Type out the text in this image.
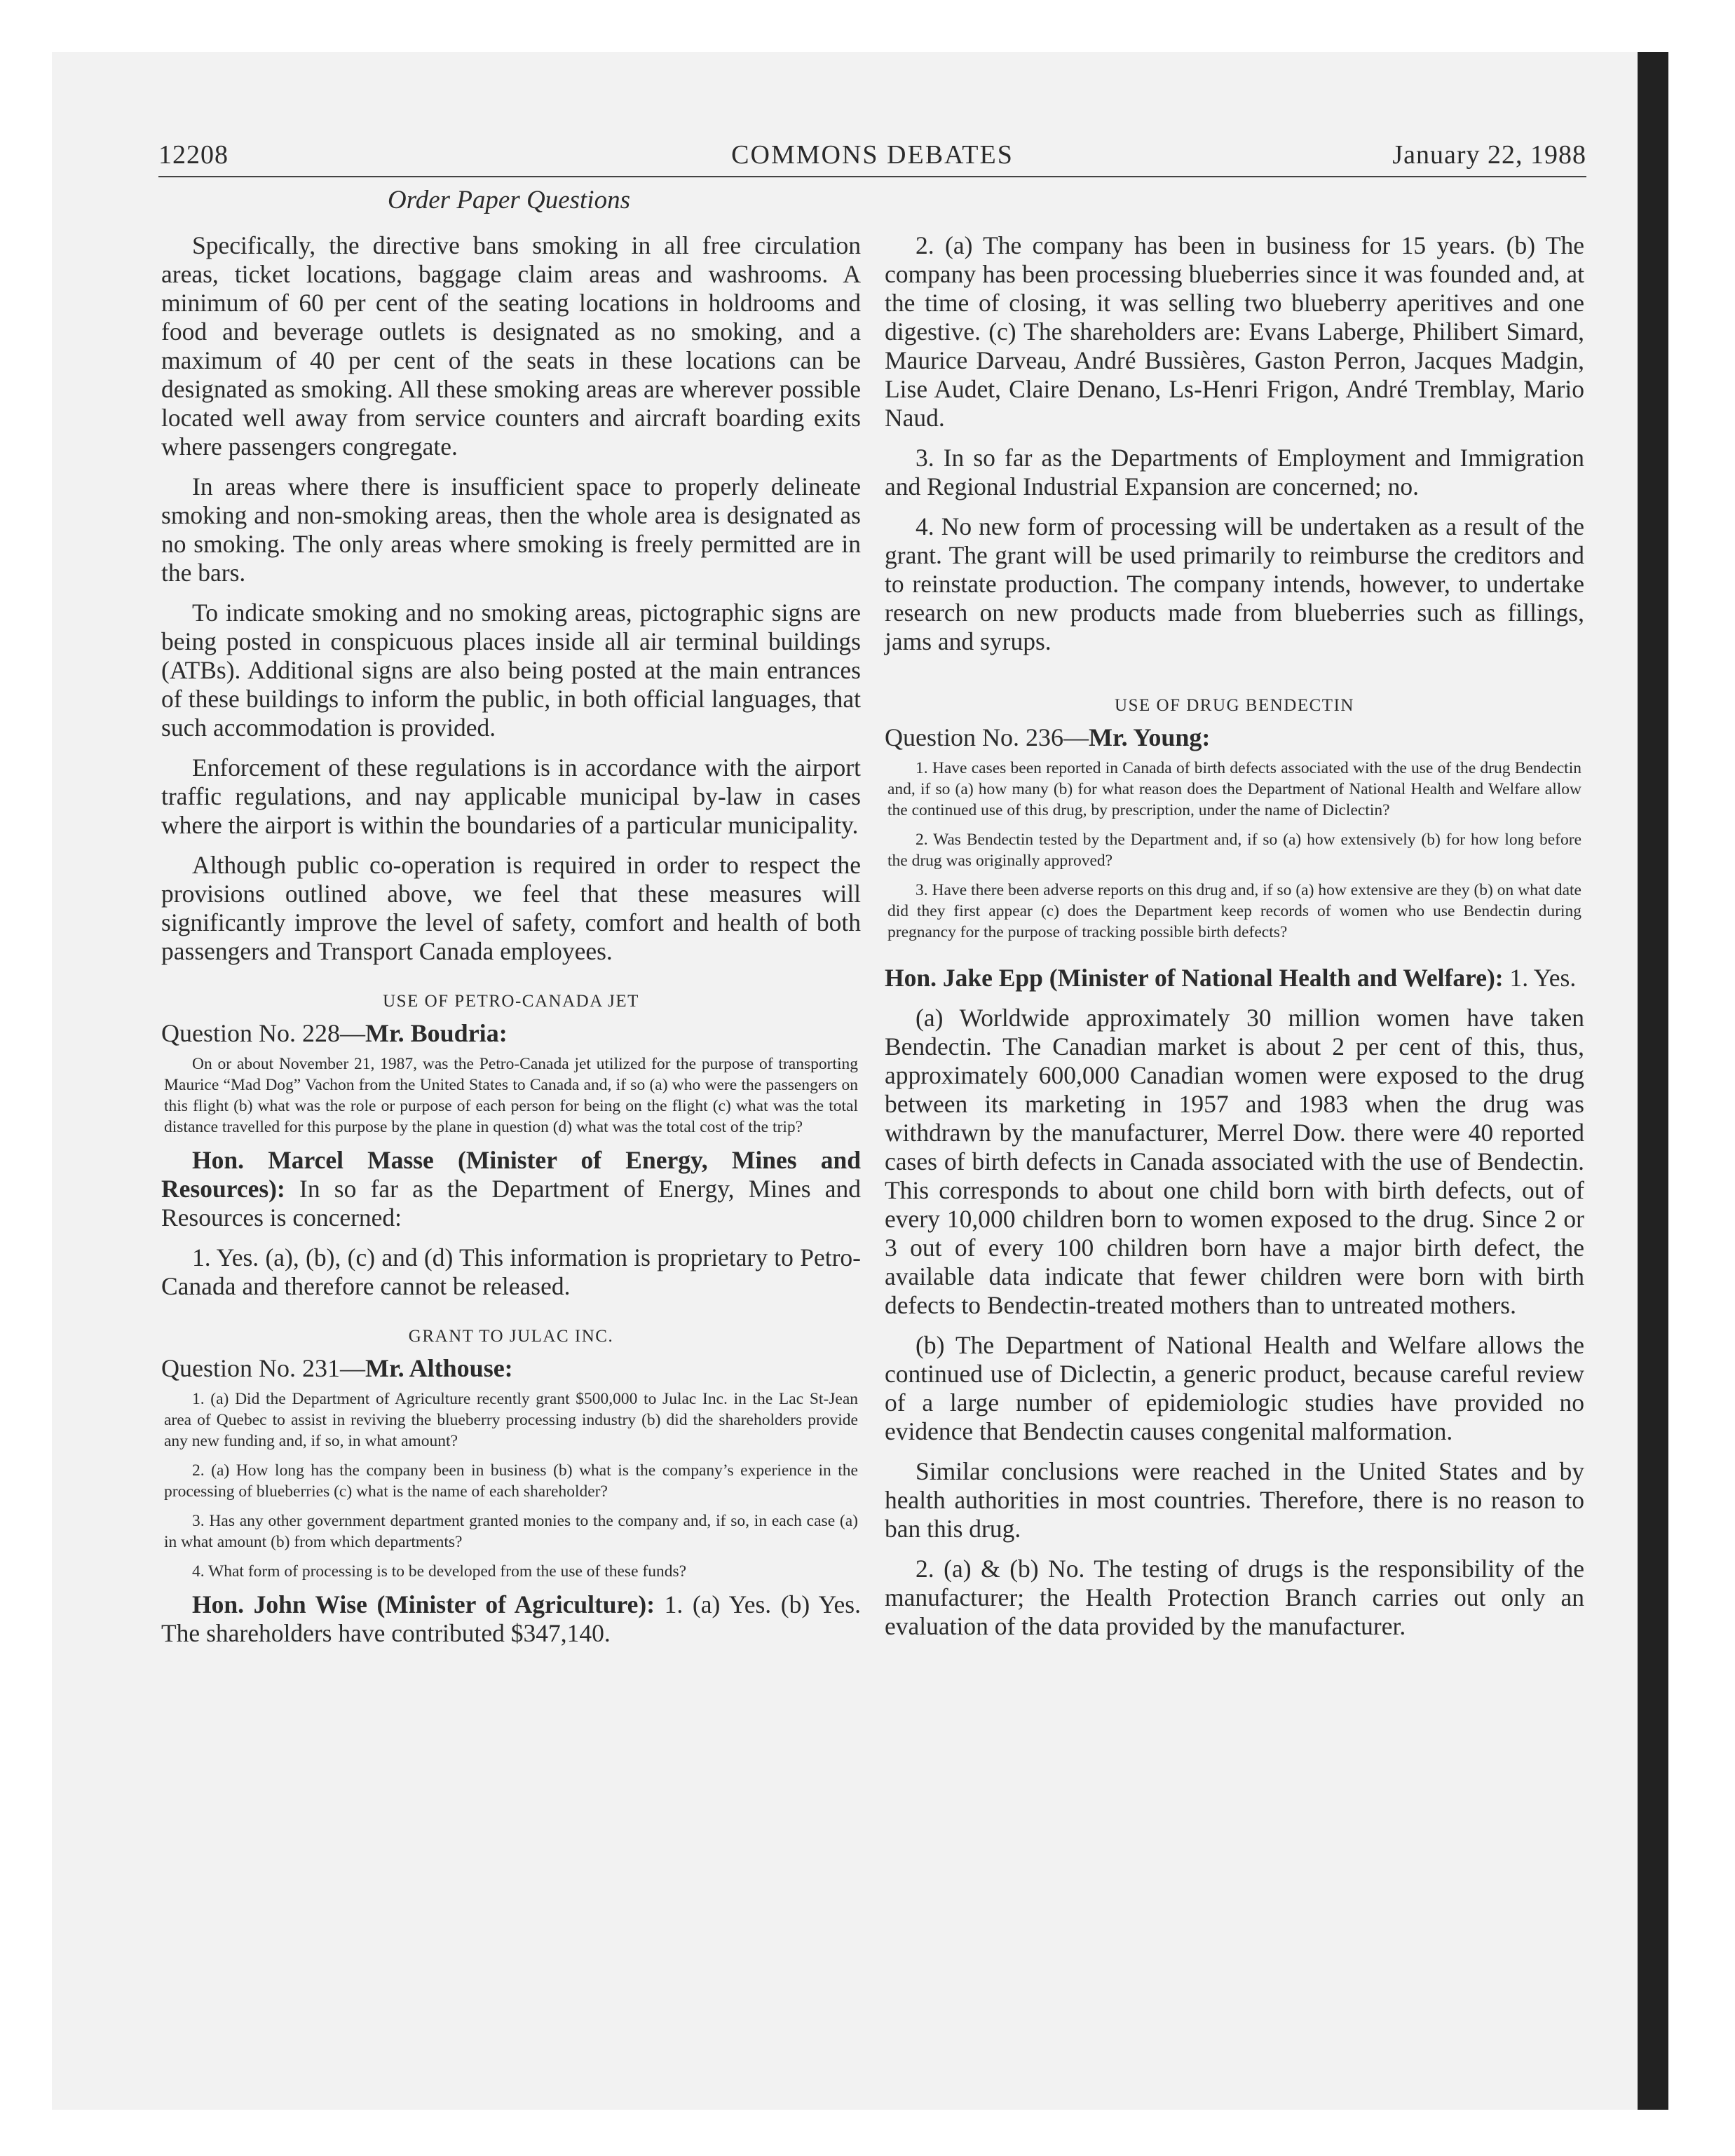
12208	COMMONS DEBATES	January 22, 1988
Order Paper Questions

Specifically, the directive bans smoking in all free circulation areas, ticket locations, baggage claim areas and washrooms. A minimum of 60 per cent of the seating locations in holdrooms and food and beverage outlets is designated as no smoking, and a maximum of 40 per cent of the seats in these locations can be designated as smoking. All these smoking areas are wherever possible located well away from service counters and aircraft boarding exits where passengers congregate.

In areas where there is insufficient space to properly delineate smoking and non-smoking areas, then the whole area is designated as no smoking. The only areas where smoking is freely permitted are in the bars.

To indicate smoking and no smoking areas, pictographic signs are being posted in conspicuous places inside all air terminal buildings (ATBs). Additional signs are also being posted at the main entrances of these buildings to inform the public, in both official languages, that such accommodation is provided.

Enforcement of these regulations is in accordance with the airport traffic regulations, and nay applicable municipal by-law in cases where the airport is within the boundaries of a particular municipality.

Although public co-operation is required in order to respect the provisions outlined above, we feel that these measures will significantly improve the level of safety, comfort and health of both passengers and Transport Canada employees.

USE OF PETRO-CANADA JET

Question No. 228—Mr. Boudria:

On or about November 21, 1987, was the Petro-Canada jet utilized for the purpose of transporting Maurice “Mad Dog” Vachon from the United States to Canada and, if so (a) who were the passengers on this flight (b) what was the role or purpose of each person for being on the flight (c) what was the total distance travelled for this purpose by the plane in question (d) what was the total cost of the trip?

Hon. Marcel Masse (Minister of Energy, Mines and Resources): In so far as the Department of Energy, Mines and Resources is concerned:

1. Yes. (a), (b), (c) and (d) This information is proprietary to Petro-Canada and therefore cannot be released.

GRANT TO JULAC INC.

Question No. 231—Mr. Althouse:

1. (a) Did the Department of Agriculture recently grant $500,000 to Julac Inc. in the Lac St-Jean area of Quebec to assist in reviving the blueberry processing industry (b) did the shareholders provide any new funding and, if so, in what amount?

2. (a) How long has the company been in business (b) what is the company’s experience in the processing of blueberries (c) what is the name of each shareholder?

3. Has any other government department granted monies to the company and, if so, in each case (a) in what amount (b) from which departments?

4. What form of processing is to be developed from the use of these funds?

Hon. John Wise (Minister of Agriculture): 1. (a) Yes. (b) Yes. The shareholders have contributed $347,140.

2. (a) The company has been in business for 15 years. (b) The company has been processing blueberries since it was founded and, at the time of closing, it was selling two blueberry aperitives and one digestive. (c) The shareholders are: Evans Laberge, Philibert Simard, Maurice Darveau, André Bussières, Gaston Perron, Jacques Madgin, Lise Audet, Claire Denano, Ls-Henri Frigon, André Tremblay, Mario Naud.

3. In so far as the Departments of Employment and Immigration and Regional Industrial Expansion are concerned; no.

4. No new form of processing will be undertaken as a result of the grant. The grant will be used primarily to reimburse the creditors and to reinstate production. The company intends, however, to undertake research on new products made from blueberries such as fillings, jams and syrups.

USE OF DRUG BENDECTIN

Question No. 236—Mr. Young:

1. Have cases been reported in Canada of birth defects associated with the use of the drug Bendectin and, if so (a) how many (b) for what reason does the Department of National Health and Welfare allow the continued use of this drug, by prescription, under the name of Diclectin?

2. Was Bendectin tested by the Department and, if so (a) how extensively (b) for how long before the drug was originally approved?

3. Have there been adverse reports on this drug and, if so (a) how extensive are they (b) on what date did they first appear (c) does the Department keep records of women who use Bendectin during pregnancy for the purpose of tracking possible birth defects?

Hon. Jake Epp (Minister of National Health and Welfare): 1. Yes.

(a) Worldwide approximately 30 million women have taken Bendectin. The Canadian market is about 2 per cent of this, thus, approximately 600,000 Canadian women were exposed to the drug between its marketing in 1957 and 1983 when the drug was withdrawn by the manufacturer, Merrel Dow. there were 40 reported cases of birth defects in Canada associated with the use of Bendectin. This corresponds to about one child born with birth defects, out of every 10,000 children born to women exposed to the drug. Since 2 or 3 out of every 100 children born have a major birth defect, the available data indicate that fewer children were born with birth defects to Bendectin-treated mothers than to untreated mothers.

(b) The Department of National Health and Welfare allows the continued use of Diclectin, a generic product, because careful review of a large number of epidemiologic studies have provided no evidence that Bendectin causes congenital malformation.

Similar conclusions were reached in the United States and by health authorities in most countries. Therefore, there is no reason to ban this drug.

2. (a) & (b) No. The testing of drugs is the responsibility of the manufacturer; the Health Protection Branch carries out only an evaluation of the data provided by the manufacturer.
